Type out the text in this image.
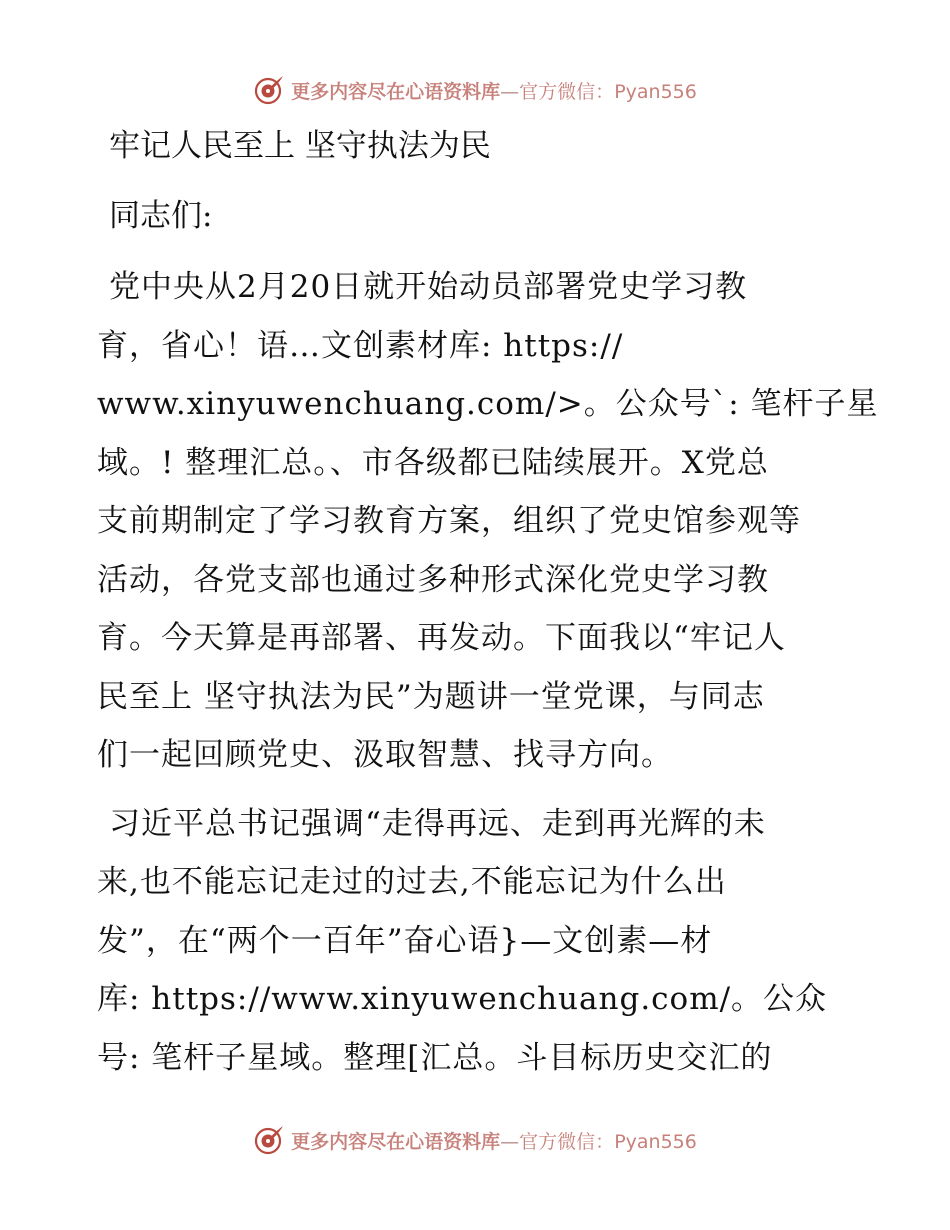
更多内容尽在心语资料库—官方微信：Pyan556
牢记人民至上 坚守执法为民
同志们:
党中央从2月20日就开始动员部署党史学习教
育，省心！语…文创素材库: https://
www.xinyuwenchuang.com/>。公众号`: 笔杆子星
域。! 整理汇总。、市各级都已陆续展开。X党总
支前期制定了学习教育方案，组织了党史馆参观等
活动，各党支部也通过多种形式深化党史学习教
育。今天算是再部署、再发动。下面我以“牢记人
民至上 坚守执法为民”为题讲一堂党课，与同志
们一起回顾党史、汲取智慧、找寻方向。
习近平总书记强调“走得再远、走到再光辉的未
来,也不能忘记走过的过去,不能忘记为什么出
发”，在“两个一百年”奋心语}—文创素—材
库: https://www.xinyuwenchuang.com/。公众
号: 笔杆子星域。整理[汇总。斗目标历史交汇的
更多内容尽在心语资料库—官方微信：Pyan556
